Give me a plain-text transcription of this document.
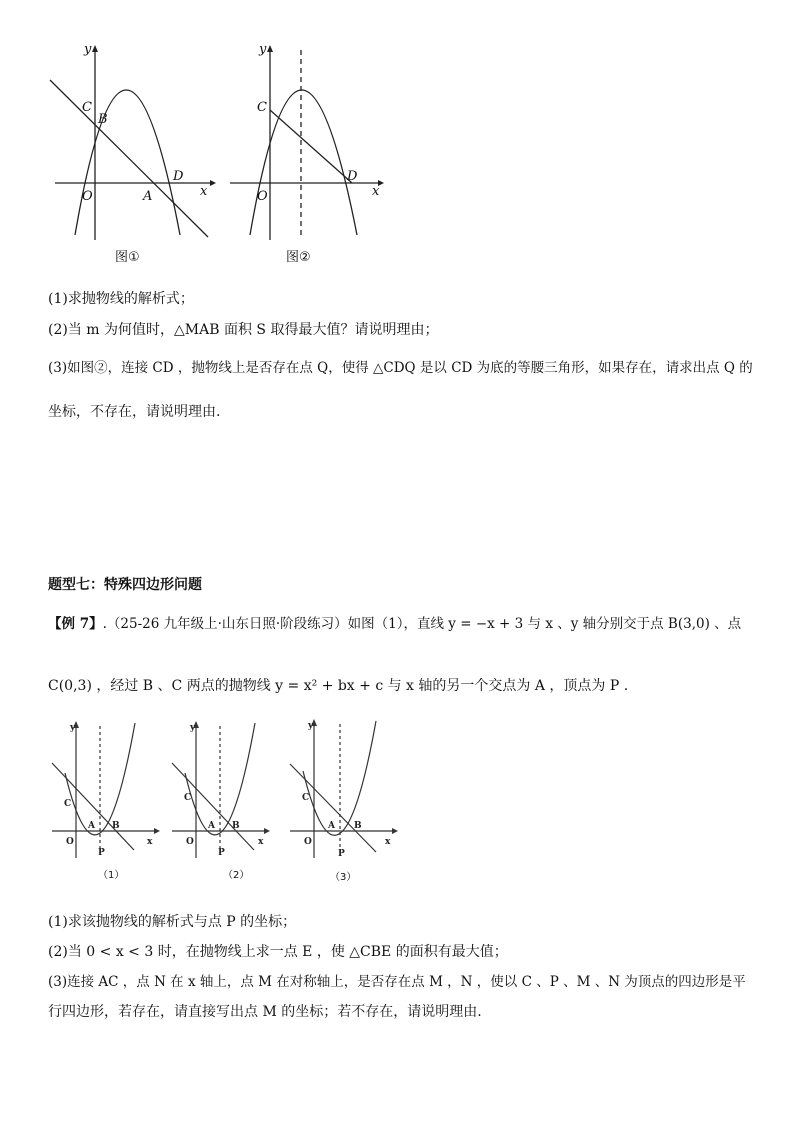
y
x
C
B
O	A
D
图①
y
x
C
O
D
图②
(1)求抛物线的解析式；
(2)当 m 为何值时，△MAB 面积 S 取得最大值？请说明理由；
(3)如图②，连接 CD ，抛物线上是否存在点 Q，使得 △CDQ 是以 CD 为底的等腰三角形，如果存在，请求出点 Q 的
坐标，不存在，请说明理由.
题型七：特殊四边形问题
【例 7】.（25-26 九年级上·山东日照·阶段练习）如图（1），直线 y = −x + 3 与 x 、y 轴分别交于点 B(3,0) 、点
C(0,3) ，经过 B 、C 两点的抛物线 y = x² + bx + c 与 x 轴的另一个交点为 A ，顶点为 P .
y
x
C
A B
O
P
（1）
y
x
C
A B
O
P
（2）
y
x
C
A B
O
P
（3）
(1)求该抛物线的解析式与点 P 的坐标；
(2)当 0 < x < 3 时，在抛物线上求一点 E ，使 △CBE 的面积有最大值；
(3)连接 AC ，点 N 在 x 轴上，点 M 在对称轴上，是否存在点 M ，N ，使以 C 、P 、M 、N 为顶点的四边形是平
行四边形，若存在，请直接写出点 M 的坐标；若不存在，请说明理由.
